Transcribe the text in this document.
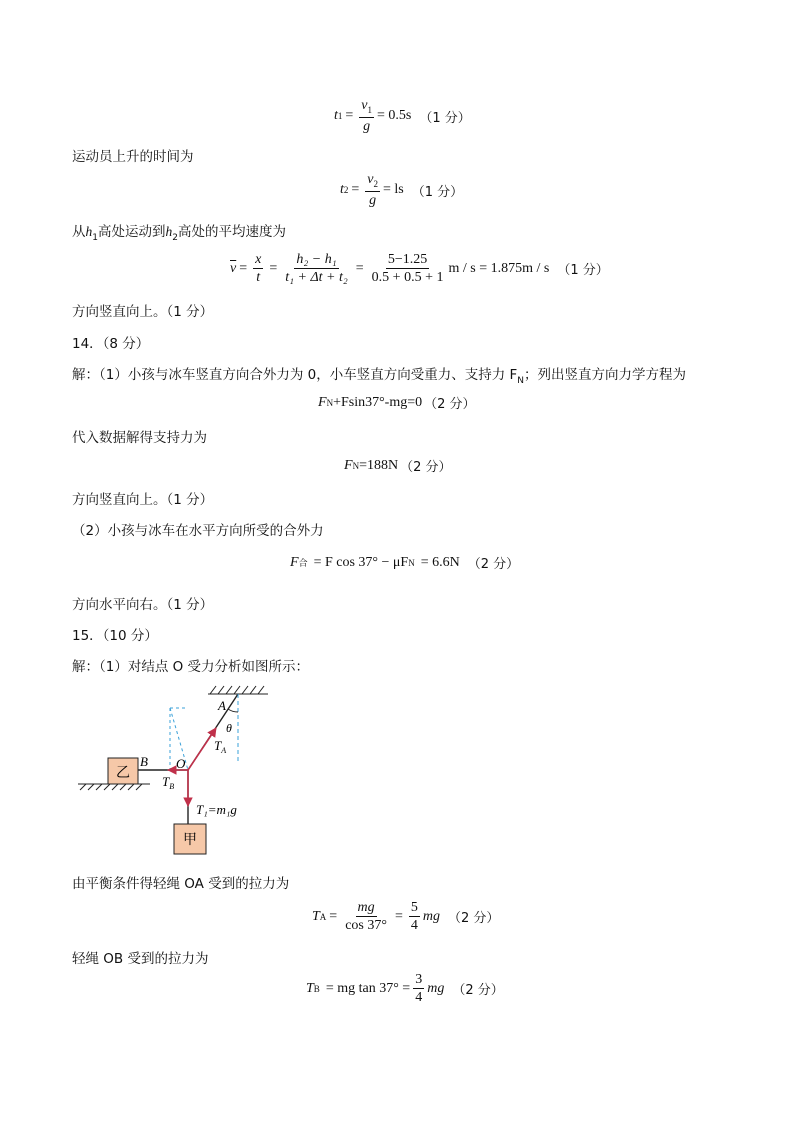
t $1 = \frac{v_1}{g} = 0.5s$ （1 分）
运动员上升的时间为
t $2 = \frac{v_2}{g}$ = ls （1 分）
从$h_1$高处运动到$h_2$高处的平均速度为
$\overline{v} = \frac{x}{t} = \frac{\text{h₂ − h₁}}{\text{t₁ + Δt + t₂}} = \frac{5-1.25}{0.5 + 0.5 + 1}$ m / s = 1.875m / s （1 分）
方向竖直向上。（1 分）
14．（8 分）
解：（1）小孩与冰车竖直方向合外力为 0，小车竖直方向受重力、支持力 $F_N$；列出竖直方向力学方程为
F N +Fsin37°-mg=0 （2 分）
代入数据解得支持力为
F N =188N （2 分）
方向竖直向上。（1 分）
（2）小孩与冰车在水平方向所受的合外力
F 合 = F cos 37° − μF N = 6.6N （2 分）
方向水平向右。（1 分）
15．（10 分）
解：（1）对结点 O 受力分析如图所示：
乙
A
B O
θ
$T_A$
$T_B$
T₁=m₁g
甲
由平衡条件得轻绳 OA 受到的拉力为
T $A = \frac{mg}{\cos 37^\circ} = \frac{5}{4}$ mg （2 分）
轻绳 OB 受到的拉力为
T B = mg $\tan 37^\circ = \frac{3}{4}$ mg （2 分）
